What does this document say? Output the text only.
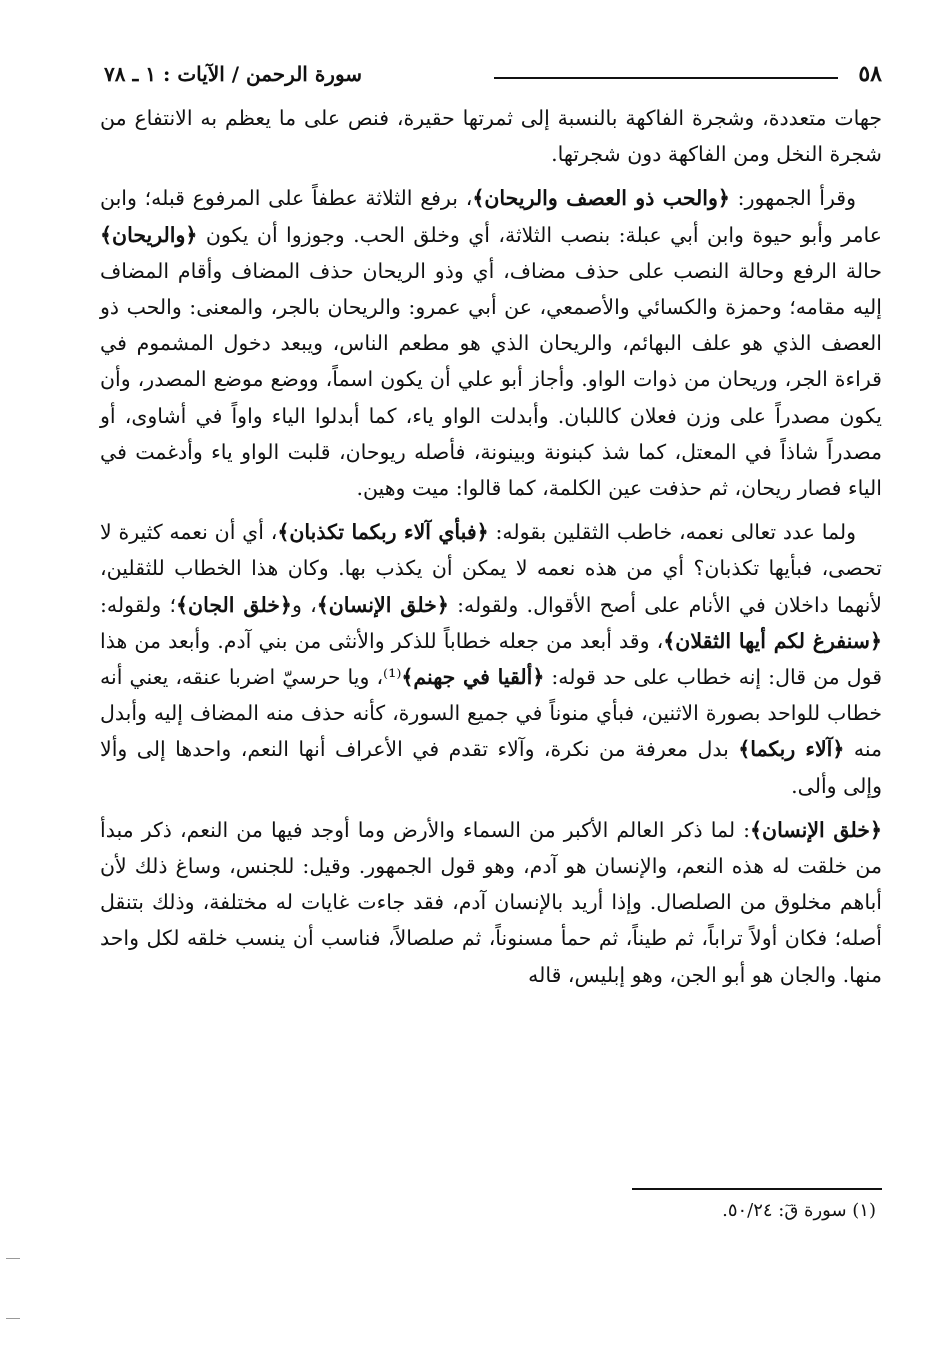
٥٨
سورة الرحمن / الآيات : ١ ـ ٧٨

جهات متعددة، وشجرة الفاكهة بالنسبة إلى ثمرتها حقيرة، فنص على ما يعظم به الانتفاع من شجرة النخل ومن الفاكهة دون شجرتها.

وقرأ الجمهور: ﴿والحب ذو العصف والريحان﴾، برفع الثلاثة عطفاً على المرفوع قبله؛ وابن عامر وأبو حيوة وابن أبي عبلة: بنصب الثلاثة، أي وخلق الحب. وجوزوا أن يكون ﴿والريحان﴾ حالة الرفع وحالة النصب على حذف مضاف، أي وذو الريحان حذف المضاف وأقام المضاف إليه مقامه؛ وحمزة والكسائي والأصمعي، عن أبي عمرو: والريحان بالجر، والمعنى: والحب ذو العصف الذي هو علف البهائم، والريحان الذي هو مطعم الناس، ويبعد دخول المشموم في قراءة الجر، وريحان من ذوات الواو. وأجاز أبو علي أن يكون اسماً، ووضع موضع المصدر، وأن يكون مصدراً على وزن فعلان كاللبان. وأبدلت الواو ياء، كما أبدلوا الياء واواً في أشاوى، أو مصدراً شاذاً في المعتل، كما شذ كبنونة وبينونة، فأصله ريوحان، قلبت الواو ياء وأدغمت في الياء فصار ريحان، ثم حذفت عين الكلمة، كما قالوا: ميت وهين.

ولما عدد تعالى نعمه، خاطب الثقلين بقوله: ﴿فبأي آلاء ربكما تكذبان﴾، أي أن نعمه كثيرة لا تحصى، فبأيها تكذبان؟ أي من هذه نعمه لا يمكن أن يكذب بها. وكان هذا الخطاب للثقلين، لأنهما داخلان في الأنام على أصح الأقوال. ولقوله: ﴿خلق الإنسان﴾، و﴿خلق الجان﴾؛ ولقوله: ﴿سنفرغ لكم أيها الثقلان﴾، وقد أبعد من جعله خطاباً للذكر والأنثى من بني آدم. وأبعد من هذا قول من قال: إنه خطاب على حد قوله: ﴿ألقيا في جهنم﴾⁽¹⁾، ويا حرسيّ اضربا عنقه، يعني أنه خطاب للواحد بصورة الاثنين، فبأي منوناً في جميع السورة، كأنه حذف منه المضاف إليه وأبدل منه ﴿آلاء ربكما﴾ بدل معرفة من نكرة، وآلاء تقدم في الأعراف أنها النعم، واحدها إلى وألا وإلى وألى.

﴿خلق الإنسان﴾: لما ذكر العالم الأكبر من السماء والأرض وما أوجد فيها من النعم، ذكر مبدأ من خلقت له هذه النعم، والإنسان هو آدم، وهو قول الجمهور. وقيل: للجنس، وساغ ذلك لأن أباهم مخلوق من الصلصال. وإذا أريد بالإنسان آدم، فقد جاءت غايات له مختلفة، وذلك بتنقل أصله؛ فكان أولاً تراباً، ثم طيناً، ثم حمأ مسنوناً، ثم صلصالاً، فناسب أن ينسب خلقه لكل واحد منها. والجان هو أبو الجن، وهو إبليس، قاله

(١) سورة قٓ: ٥٠/٢٤.
